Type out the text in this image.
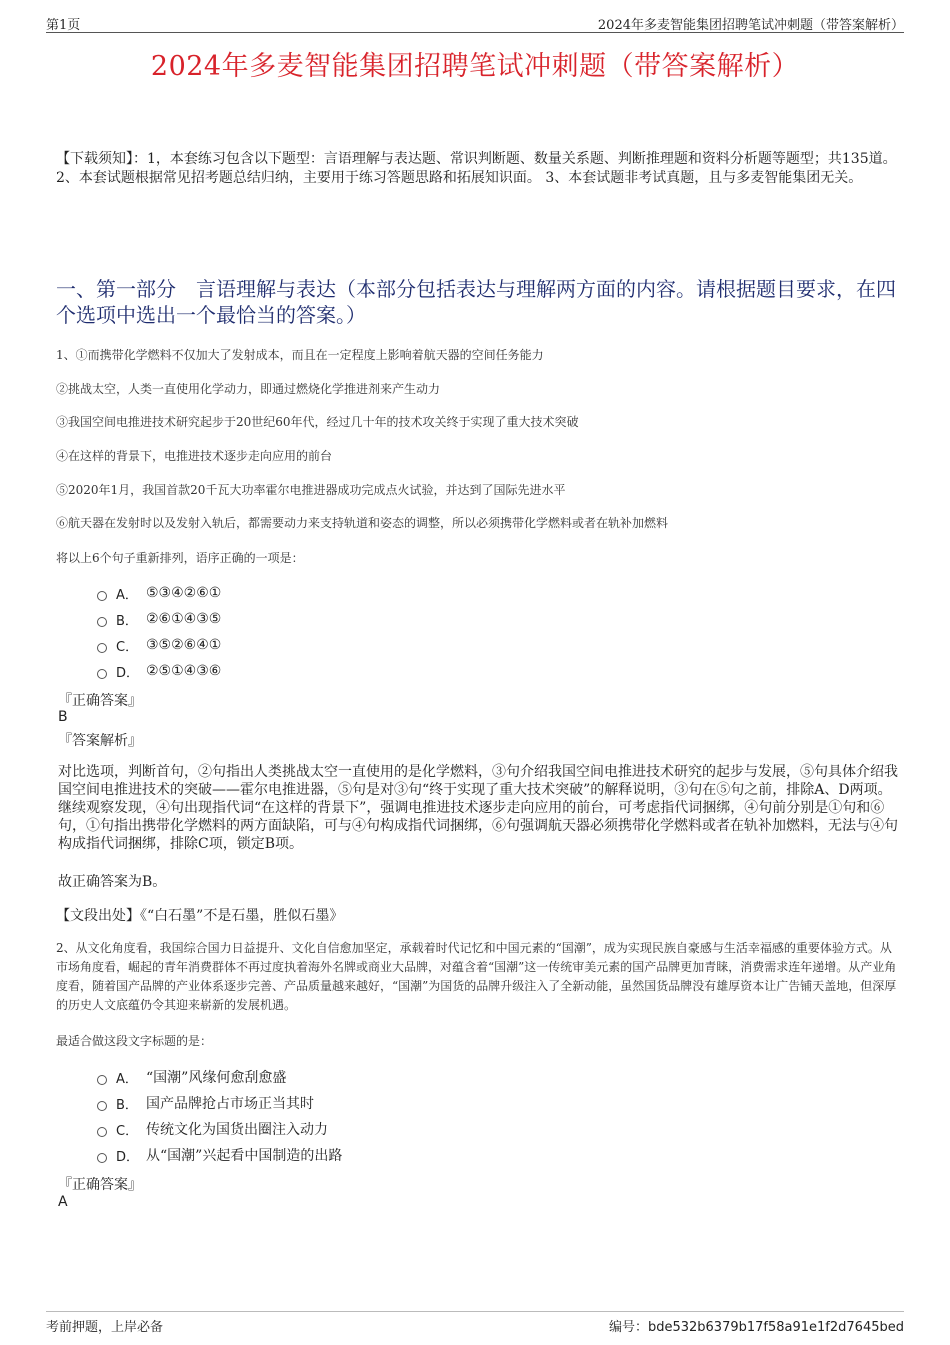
第1页	2024年多麦智能集团招聘笔试冲刺题（带答案解析）
2024年多麦智能集团招聘笔试冲刺题（带答案解析）
【下载须知】：1，本套练习包含以下题型：言语理解与表达题、常识判断题、数量关系题、判断推理题和资料分析题等题型；共135道。 2、本套试题根据常见招考题总结归纳，主要用于练习答题思路和拓展知识面。 3、本套试题非考试真题，且与多麦智能集团无关。
一、第一部分　言语理解与表达（本部分包括表达与理解两方面的内容。请根据题目要求，在四个选项中选出一个最恰当的答案。）
1、①而携带化学燃料不仅加大了发射成本，而且在一定程度上影响着航天器的空间任务能力
②挑战太空，人类一直使用化学动力，即通过燃烧化学推进剂来产生动力
③我国空间电推进技术研究起步于20世纪60年代，经过几十年的技术攻关终于实现了重大技术突破
④在这样的背景下，电推进技术逐步走向应用的前台
⑤2020年1月，我国首款20千瓦大功率霍尔电推进器成功完成点火试验，并达到了国际先进水平
⑥航天器在发射时以及发射入轨后，都需要动力来支持轨道和姿态的调整，所以必须携带化学燃料或者在轨补加燃料
将以上6个句子重新排列，语序正确的一项是：
A． ⑤③④②⑥①
B． ②⑥①④③⑤
C． ③⑤②⑥④①
D． ②⑤①④③⑥
『正确答案』
B
『答案解析』
对比选项，判断首句，②句指出人类挑战太空一直使用的是化学燃料，③句介绍我国空间电推进技术研究的起步与发展，⑤句具体介绍我国空间电推进技术的突破——霍尔电推进器，⑤句是对③句“终于实现了重大技术突破”的解释说明，③句在⑤句之前，排除A、D两项。继续观察发现，④句出现指代词“在这样的背景下”，强调电推进技术逐步走向应用的前台，可考虑指代词捆绑，④句前分别是①句和⑥句，①句指出携带化学燃料的两方面缺陷，可与④句构成指代词捆绑，⑥句强调航天器必须携带化学燃料或者在轨补加燃料，无法与④句构成指代词捆绑，排除C项，锁定B项。
故正确答案为B。
【文段出处】《“白石墨”不是石墨，胜似石墨》
2、从文化角度看，我国综合国力日益提升、文化自信愈加坚定，承载着时代记忆和中国元素的“国潮”，成为实现民族自豪感与生活幸福感的重要体验方式。从市场角度看，崛起的青年消费群体不再过度执着海外名牌或商业大品牌，对蕴含着“国潮”这一传统审美元素的国产品牌更加青睐，消费需求连年递增。从产业角度看，随着国产品牌的产业体系逐步完善、产品质量越来越好，“国潮”为国货的品牌升级注入了全新动能，虽然国货品牌没有雄厚资本让广告铺天盖地，但深厚的历史人文底蕴仍令其迎来崭新的发展机遇。
最适合做这段文字标题的是：
A． “国潮”风缘何愈刮愈盛
B． 国产品牌抢占市场正当其时
C． 传统文化为国货出圈注入动力
D． 从“国潮”兴起看中国制造的出路
『正确答案』
A
考前押题，上岸必备	编号：bde532b6379b17f58a91e1f2d7645bed
